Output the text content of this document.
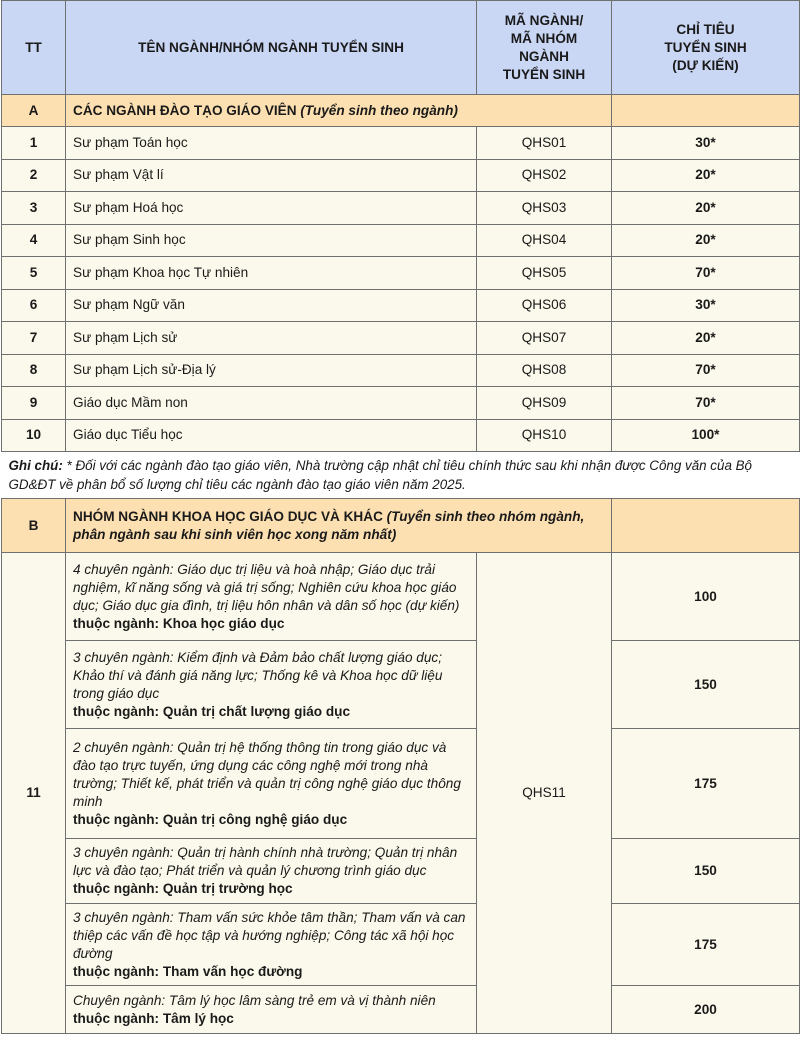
TT	TÊN NGÀNH/NHÓM NGÀNH TUYỂN SINH	MÃ NGÀNH/
MÃ NHÓM
NGÀNH
TUYỂN SINH	CHỈ TIÊU
TUYỂN SINH
(DỰ KIẾN)
A	CÁC NGÀNH ĐÀO TẠO GIÁO VIÊN (Tuyển sinh theo ngành)		
1	Sư phạm Toán học	QHS01	30*
2	Sư phạm Vật lí	QHS02	20*
3	Sư phạm Hoá học	QHS03	20*
4	Sư phạm Sinh học	QHS04	20*
5	Sư phạm Khoa học Tự nhiên	QHS05	70*
6	Sư phạm Ngữ văn	QHS06	30*
7	Sư phạm Lịch sử	QHS07	20*
8	Sư phạm Lịch sử-Địa lý	QHS08	70*
9	Giáo dục Mầm non	QHS09	70*
10	Giáo dục Tiểu học	QHS10	100*
Ghi chú: * Đối với các ngành đào tạo giáo viên, Nhà trường cập nhật chỉ tiêu chính thức sau khi nhận được Công văn của Bộ GD&ĐT về phân bổ số lượng chỉ tiêu các ngành đào tạo giáo viên năm 2025.			
B	NHÓM NGÀNH KHOA HỌC GIÁO DỤC VÀ KHÁC (Tuyển sinh theo nhóm ngành, phân ngành sau khi sinh viên học xong năm nhất)		
11	4 chuyên ngành: Giáo dục trị liệu và hoà nhập; Giáo dục trải nghiệm, kĩ năng sống và giá trị sống; Nghiên cứu khoa học giáo dục; Giáo dục gia đình, trị liệu hôn nhân và dân số học (dự kiến)
thuộc ngành: Khoa học giáo dục	QHS11	100
	3 chuyên ngành: Kiểm định và Đảm bảo chất lượng giáo dục; Khảo thí và đánh giá năng lực; Thống kê và Khoa học dữ liệu trong giáo dục
thuộc ngành: Quản trị chất lượng giáo dục		150
	2 chuyên ngành: Quản trị hệ thống thông tin trong giáo dục và đào tạo trực tuyến, ứng dụng các công nghệ mới trong nhà trường; Thiết kế, phát triển và quản trị công nghệ giáo dục thông minh
thuộc ngành: Quản trị công nghệ giáo dục		175
	3 chuyên ngành: Quản trị hành chính nhà trường; Quản trị nhân lực và đào tạo; Phát triển và quản lý chương trình giáo dục
thuộc ngành: Quản trị trường học		150
	3 chuyên ngành: Tham vấn sức khỏe tâm thần; Tham vấn và can thiệp các vấn đề học tập và hướng nghiệp; Công tác xã hội học đường
thuộc ngành: Tham vấn học đường		175
	Chuyên ngành: Tâm lý học lâm sàng trẻ em và vị thành niên
thuộc ngành: Tâm lý học		200
